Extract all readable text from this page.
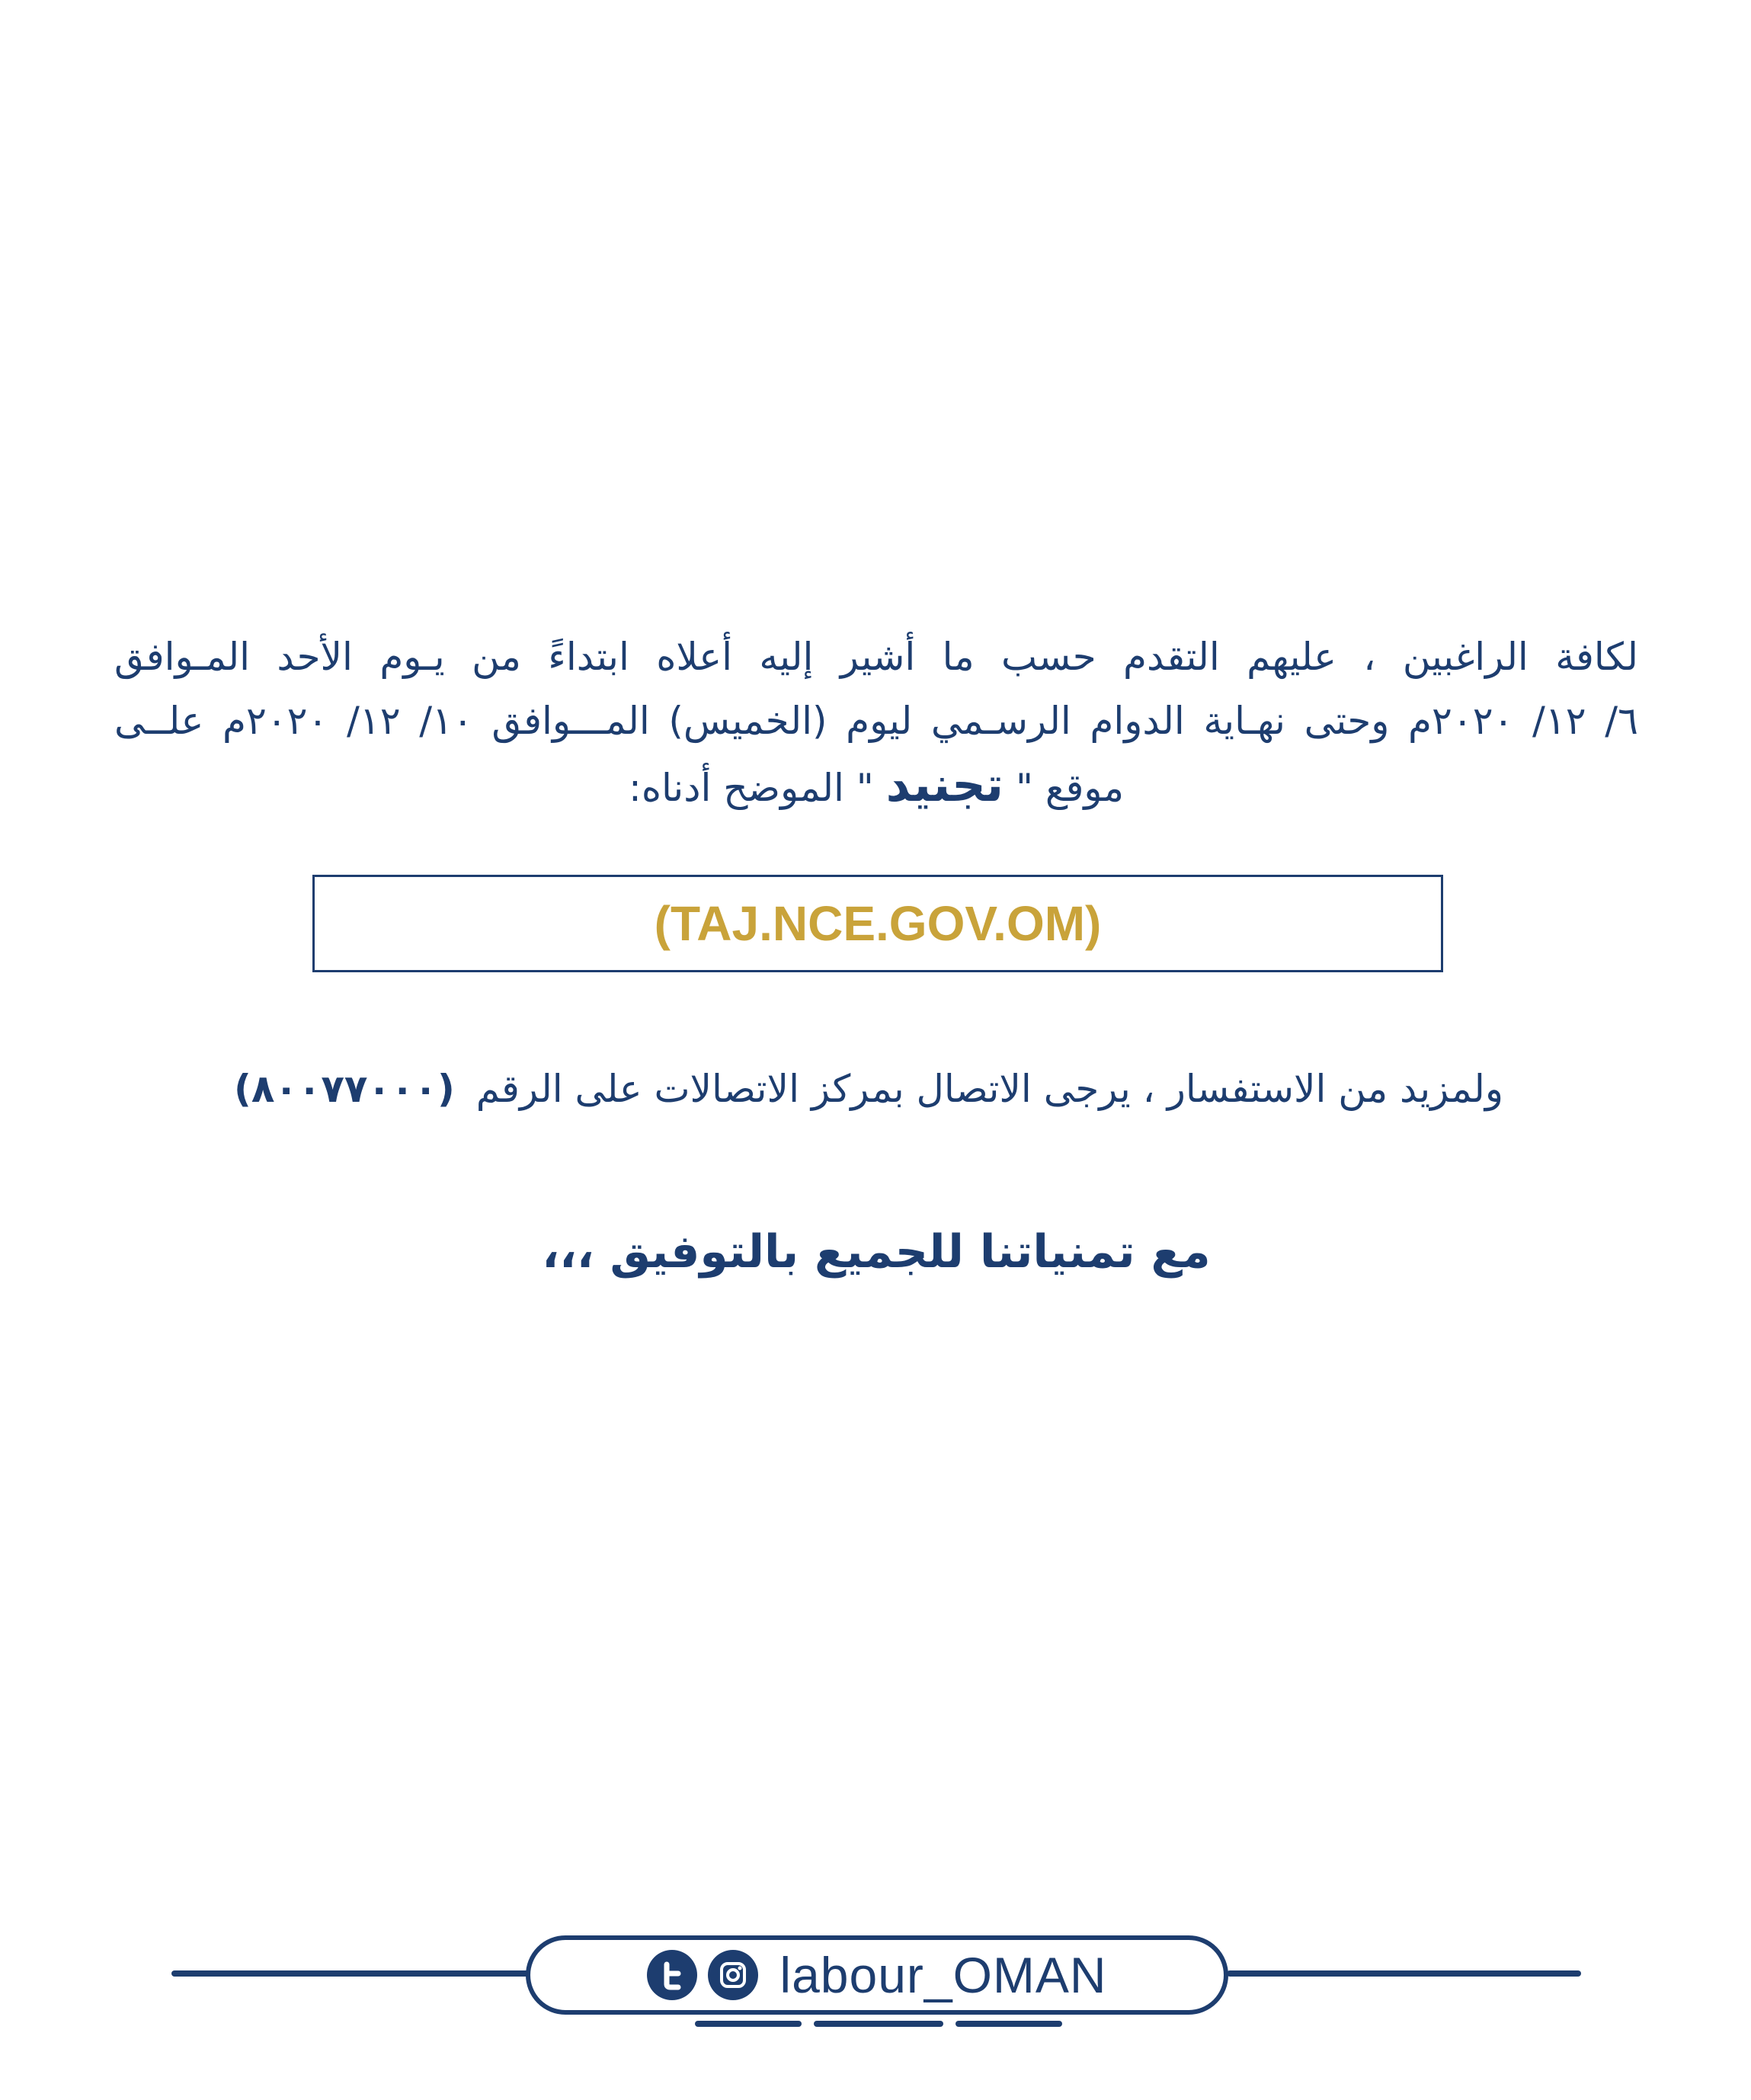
لكافة الراغبين ، عليهم التقدم حسب ما أشير إليه أعلاه ابتداءً من يـوم الأحد المـوافق

٦/ ١٢/ ٢٠٢٠م وحتى نهـاية الدوام الرسـمي ليوم (الخميس) المـــوافق ١٠/ ١٢/ ٢٠٢٠م علــى

موقع " تجنيد " الموضح أدناه:

(TAJ.NCE.GOV.OM)
ولمزيد من الاستفسار ، يرجى الاتصال بمركز الاتصالات على الرقم (٨٠٠٧٧٠٠٠)
مع تمنياتنا للجميع بالتوفيق ،،،
labour_OMAN
